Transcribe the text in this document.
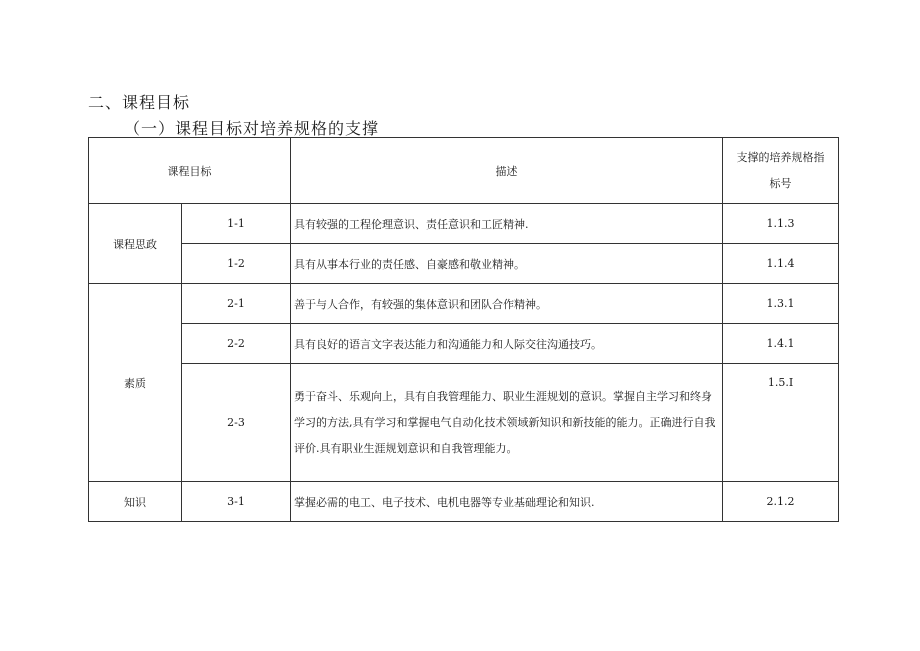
二、课程目标
（一）课程目标对培养规格的支撑
课程目标		描述	支撑的培养规格指
标号

课程思政	1-1	具有较强的工程伦理意识、责任意识和工匠精神.	1.1.3
	1-2	具有从事本行业的责任感、自豪感和敬业精神。	1.1.4
素质	2-1	善于与人合作，有较强的集体意识和团队合作精神。	1.3.1
	2-2	具有良好的语言文字表达能力和沟通能力和人际交往沟通技巧。	1.4.1
	2-3	勇于奋斗、乐观向上，具有自我管理能力、职业生涯规划的意识。掌握自主学习和终身学习的方法,具有学习和掌握电气自动化技术领域新知识和新技能的能力。正确进行自我评价.具有职业生涯规划意识和自我管理能力。	1.5.I
知识	3-1	掌握必需的电工、电子技术、电机电器等专业基础理论和知识.	2.1.2
